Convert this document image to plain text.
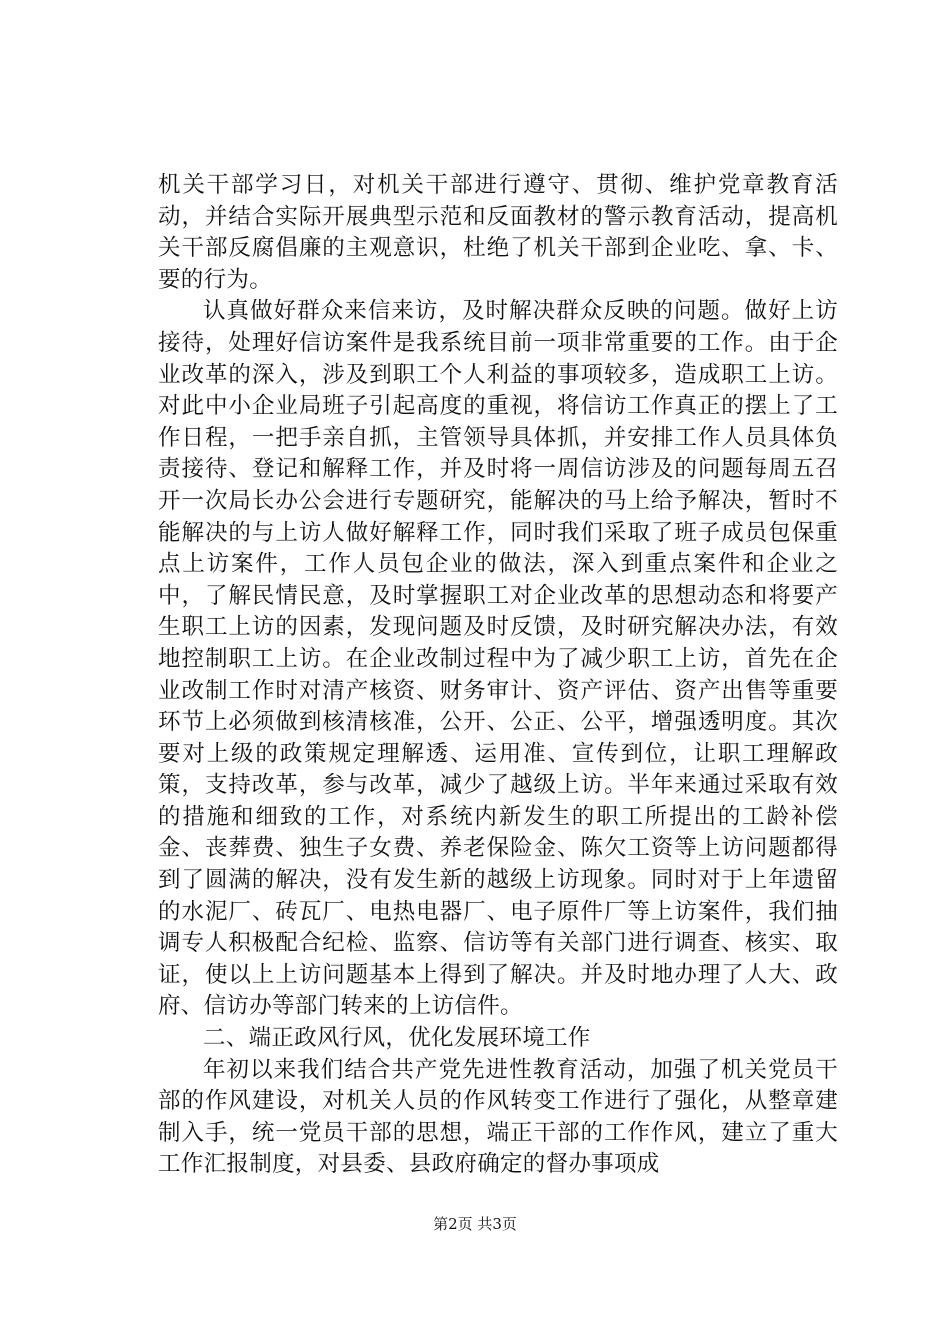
机关干部学习日，对机关干部进行遵守、贯彻、维护党章教育活动，并结合实际开展典型示范和反面教材的警示教育活动，提高机关干部反腐倡廉的主观意识，杜绝了机关干部到企业吃、拿、卡、要的行为。

认真做好群众来信来访，及时解决群众反映的问题。做好上访接待，处理好信访案件是我系统目前一项非常重要的工作。由于企业改革的深入，涉及到职工个人利益的事项较多，造成职工上访。对此中小企业局班子引起高度的重视，将信访工作真正的摆上了工作日程，一把手亲自抓，主管领导具体抓，并安排工作人员具体负责接待、登记和解释工作，并及时将一周信访涉及的问题每周五召开一次局长办公会进行专题研究，能解决的马上给予解决，暂时不能解决的与上访人做好解释工作，同时我们采取了班子成员包保重点上访案件，工作人员包企业的做法，深入到重点案件和企业之中，了解民情民意，及时掌握职工对企业改革的思想动态和将要产生职工上访的因素，发现问题及时反馈，及时研究解决办法，有效地控制职工上访。在企业改制过程中为了减少职工上访，首先在企业改制工作时对清产核资、财务审计、资产评估、资产出售等重要环节上必须做到核清核准，公开、公正、公平，增强透明度。其次要对上级的政策规定理解透、运用准、宣传到位，让职工理解政策，支持改革，参与改革，减少了越级上访。半年来通过采取有效的措施和细致的工作，对系统内新发生的职工所提出的工龄补偿金、丧葬费、独生子女费、养老保险金、陈欠工资等上访问题都得到了圆满的解决，没有发生新的越级上访现象。同时对于上年遗留的水泥厂、砖瓦厂、电热电器厂、电子原件厂等上访案件，我们抽调专人积极配合纪检、监察、信访等有关部门进行调查、核实、取证，使以上上访问题基本上得到了解决。并及时地办理了人大、政府、信访办等部门转来的上访信件。

二、端正政风行风，优化发展环境工作

年初以来我们结合共产党先进性教育活动，加强了机关党员干部的作风建设，对机关人员的作风转变工作进行了强化，从整章建制入手，统一党员干部的思想，端正干部的工作作风，建立了重大工作汇报制度，对县委、县政府确定的督办事项成

第2页 共3页
